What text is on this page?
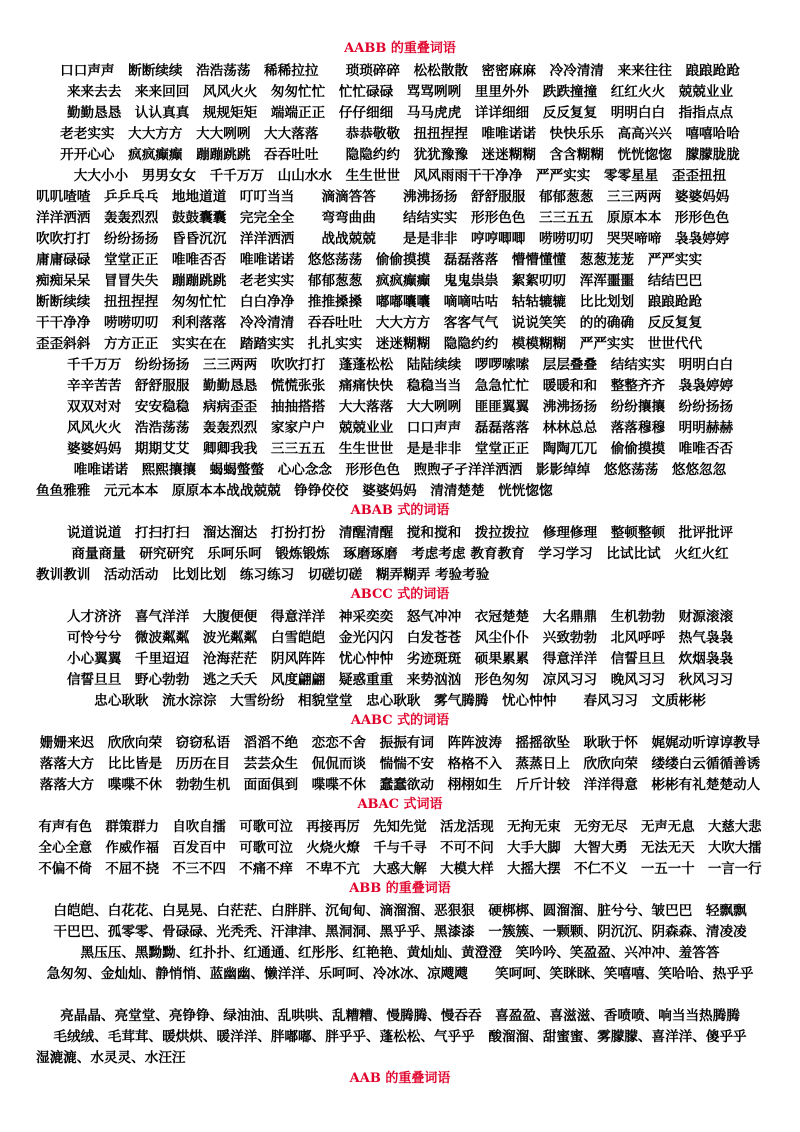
AABB 的重叠词语
口口声声　断断续续　浩浩荡荡　稀稀拉拉　　琐琐碎碎　松松散散　密密麻麻　冷冷清清　来来往往　踉踉跄跄
来来去去　来来回回　风风火火　匆匆忙忙　忙忙碌碌　骂骂咧咧　里里外外　跌跌撞撞　红红火火　兢兢业业
勤勤恳恳　认认真真　规规矩矩　端端正正　仔仔细细　马马虎虎　详详细细　反反复复　明明白白　指指点点
老老实实　大大方方　大大咧咧　大大落落　　恭恭敬敬　扭扭捏捏　唯唯诺诺　快快乐乐　高高兴兴　嘻嘻哈哈
开开心心　疯疯癫癫　蹦蹦跳跳　吞吞吐吐　　隐隐约约　犹犹豫豫　迷迷糊糊　含含糊糊　恍恍惚惚　朦朦胧胧
大大小小　男男女女　千千万万　山山水水　生生世世　风风雨雨干干净净　严严实实　零零星星　歪歪扭扭
叽叽喳喳　乒乒乓乓　地地道道　叮叮当当　　滴滴答答　　沸沸扬扬　舒舒服服　郁郁葱葱　三三两两　婆婆妈妈
洋洋洒洒　轰轰烈烈　鼓鼓囊囊　完完全全　　弯弯曲曲　　结结实实　形形色色　三三五五　原原本本　形形色色
吹吹打打　纷纷扬扬　昏昏沉沉　洋洋洒洒　　战战兢兢　　是是非非　哼哼唧唧　唠唠叨叨　哭哭啼啼　袅袅婷婷
庸庸碌碌　堂堂正正　唯唯否否　唯唯诺诺　悠悠荡荡　偷偷摸摸　磊磊落落　懵懵懂懂　葱葱茏茏　严严实实
痴痴呆呆　冒冒失失　蹦蹦跳跳　老老实实　郁郁葱葱　疯疯癫癫　鬼鬼祟祟　絮絮叨叨　浑浑噩噩　结结巴巴
断断续续　扭扭捏捏　匆匆忙忙　白白净净　推推搡搡　嘟嘟囔囔　嘀嘀咕咕　轱轱辘辘　比比划划　踉踉跄跄
干干净净　唠唠叨叨　利利落落　冷冷清清　吞吞吐吐　大大方方　客客气气　说说笑笑　的的确确　反反复复
歪歪斜斜　方方正正　实实在在　踏踏实实　扎扎实实　迷迷糊糊　隐隐约约　模模糊糊　严严实实　世世代代
千千万万　纷纷扬扬　三三两两　吹吹打打　蓬蓬松松　陆陆续续　啰啰嗦嗦　层层叠叠　结结实实　明明白白
辛辛苦苦　舒舒服服　勤勤恳恳　慌慌张张　痛痛快快　稳稳当当　急急忙忙　暖暖和和　整整齐齐　袅袅婷婷
双双对对　安安稳稳　病病歪歪　抽抽搭搭　大大落落　大大咧咧　匪匪翼翼　沸沸扬扬　纷纷攘攘　纷纷扬扬
风风火火　浩浩荡荡　轰轰烈烈　家家户户　兢兢业业　口口声声　磊磊落落　林林总总　落落穆穆　明明赫赫
婆婆妈妈　期期艾艾　卿卿我我　三三五五　生生世世　是是非非　堂堂正正　陶陶兀兀　偷偷摸摸　唯唯否否
唯唯诺诺　熙熙攘攘　蝎蝎螫螫　心心念念　形形色色　煦煦孑孑洋洋洒洒　影影绰绰　悠悠荡荡　悠悠忽忽
鱼鱼雅雅　元元本本　原原本本战战兢兢　铮铮佼佼　婆婆妈妈　清清楚楚　恍恍惚惚
ABAB 式的词语
说道说道　打扫打扫　溜达溜达　打扮打扮　清醒清醒　搅和搅和　拨拉拨拉　修理修理　整顿整顿　批评批评
商量商量　研究研究　乐呵乐呵　锻炼锻炼　琢磨琢磨　考虑考虑 教育教育　学习学习　比试比试　火红火红
教训教训　活动活动　比划比划　练习练习　切磋切磋　糊弄糊弄 考验考验
ABCC 式的词语
人才济济　喜气洋洋　大腹便便　得意洋洋　神采奕奕　怒气冲冲　衣冠楚楚　大名鼎鼎　生机勃勃　财源滚滚
可怜兮兮　微波粼粼　波光粼粼　白雪皑皑　金光闪闪　白发苍苍　风尘仆仆　兴致勃勃　北风呼呼　热气袅袅
小心翼翼　千里迢迢　沧海茫茫　阴风阵阵　忧心忡忡　劣迹斑斑　硕果累累　得意洋洋　信誓旦旦　炊烟袅袅
信誓旦旦　野心勃勃　逃之夭夭　风度翩翩　疑惑重重　来势汹汹　形色匆匆　凉风习习　晚风习习　秋风习习
忠心耿耿　流水淙淙　大雪纷纷　相貌堂堂　忠心耿耿　雾气腾腾　忧心忡忡　　春风习习　文质彬彬
AABC 式的词语
姗姗来迟　欣欣向荣　窃窃私语　滔滔不绝　恋恋不舍　振振有词　阵阵波涛　摇摇欲坠　耿耿于怀　娓娓动听谆谆教导
落落大方　比比皆是　历历在目　芸芸众生　侃侃而谈　惴惴不安　格格不入　蒸蒸日上　欣欣向荣　缕缕白云循循善诱
落落大方　喋喋不休　勃勃生机　面面俱到　喋喋不休　蠢蠢欲动　栩栩如生　斤斤计较　洋洋得意　彬彬有礼楚楚动人
ABAC 式词语
有声有色　群策群力　自吹自擂　可歌可泣　再接再厉　先知先觉　活龙活现　无拘无束　无穷无尽　无声无息　大慈大悲
全心全意　作威作福　百发百中　可歌可泣　火烧火燎　千与千寻　不可不问　大手大脚　大智大勇　无法无天　大吹大擂
不偏不倚　不屈不挠　不三不四　不痛不痒　不卑不亢　大惑大解　大模大样　大摇大摆　不仁不义　一五一十　一言一行
ABB 的重叠词语
白皑皑、白花花、白晃晃、白茫茫、白胖胖、沉甸甸、滴溜溜、恶狠狠　硬梆梆、圆溜溜、脏兮兮、皱巴巴　轻飘飘
干巴巴、孤零零、骨碌碌、光秃秃、汗津津、黑洞洞、黑乎乎、黑漆漆　一簇簇、一颗颗、阴沉沉、阴森森、清凌凌
黑压压、黑黝黝、红扑扑、红通通、红彤彤、红艳艳、黄灿灿、黄澄澄　笑吟吟、笑盈盈、兴冲冲、羞答答
急匆匆、金灿灿、静悄悄、蓝幽幽、懒洋洋、乐呵呵、冷冰冰、凉飕飕　　笑呵呵、笑眯眯、笑嘻嘻、笑哈哈、热乎乎
亮晶晶、亮堂堂、亮铮铮、绿油油、乱哄哄、乱糟糟、慢腾腾、慢吞吞　喜盈盈、喜滋滋、香喷喷、响当当热腾腾
毛绒绒、毛茸茸、暖烘烘、暖洋洋、胖嘟嘟、胖乎乎、蓬松松、气乎乎　酸溜溜、甜蜜蜜、雾朦朦、喜洋洋、傻乎乎
湿漉漉、水灵灵、水汪汪
AAB 的重叠词语
